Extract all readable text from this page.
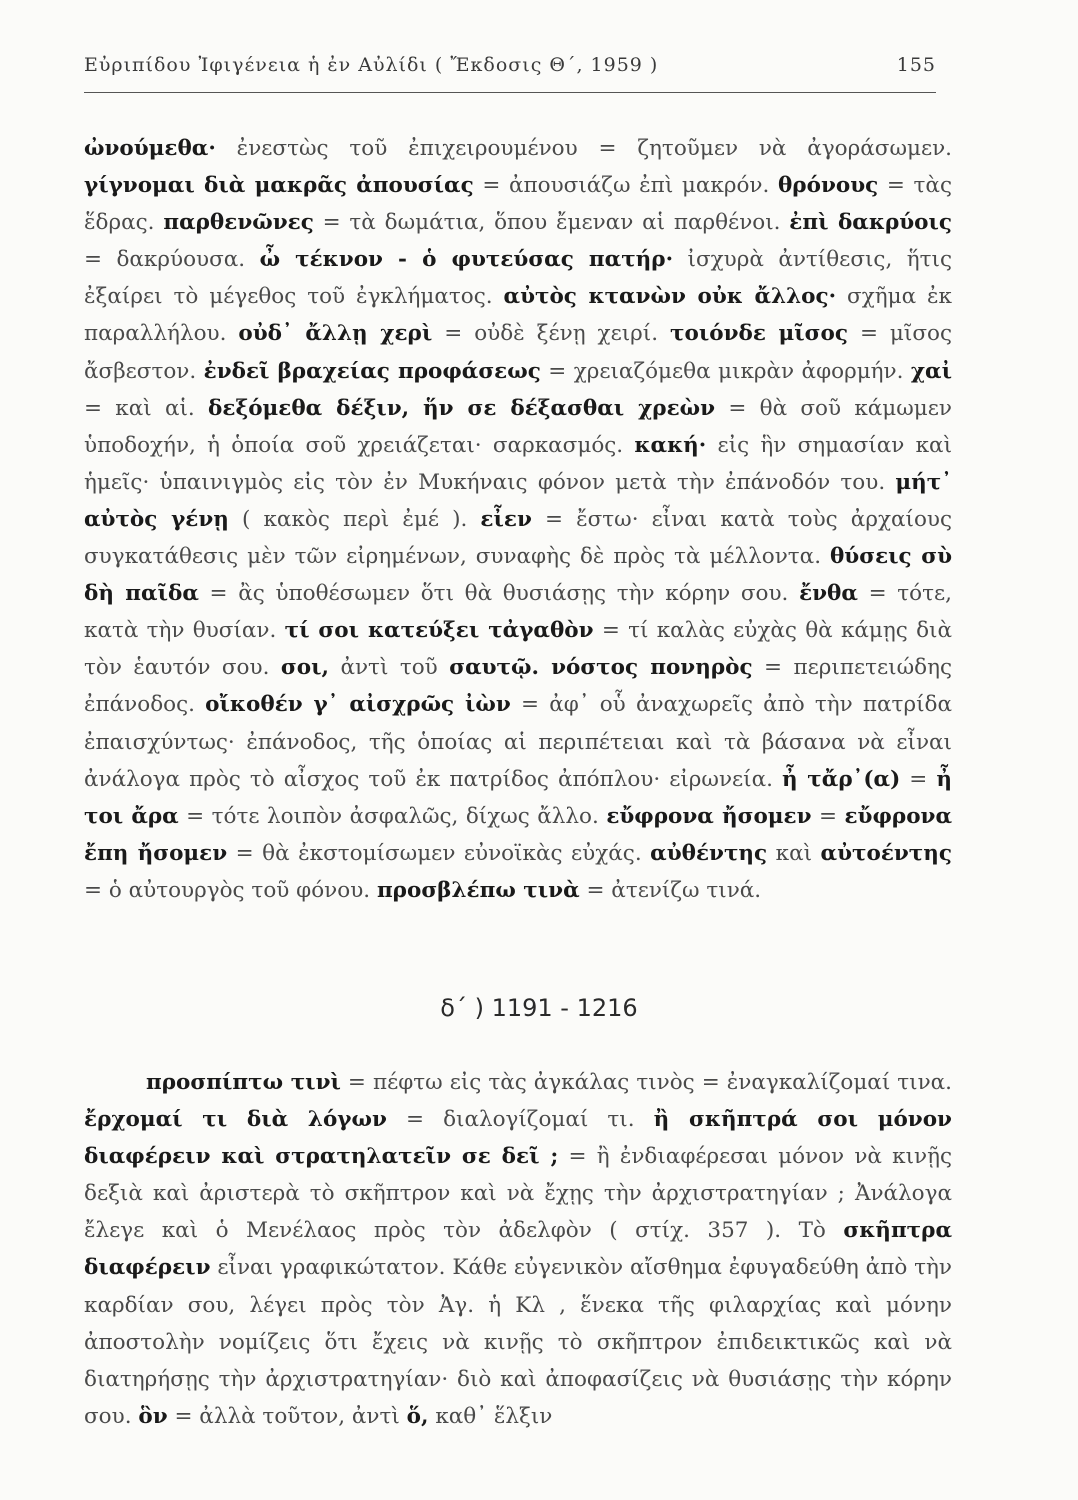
Εὐριπίδου Ἰφιγένεια ἡ ἐν Αὐλίδι ( Ἔκδοσις Θ΄, 1959 )	155

ὠνούμεθα· ἐνεστὼς τοῦ ἐπιχειρουμένου = ζητοῦμεν νὰ ἀγοράσωμεν. γίγνομαι διὰ μακρᾶς ἀπουσίας = ἀπουσιάζω ἐπὶ μακρόν. θρόνους = τὰς ἕδρας. παρθενῶνες = τὰ δωμάτια, ὅπου ἔμεναν αἱ παρθένοι. ἐπὶ δακρύοις = δακρύουσα. ὦ τέκνον - ὁ φυτεύσας πατήρ· ἰσχυρὰ ἀντίθεσις, ἥτις ἐξαίρει τὸ μέγεθος τοῦ ἐγκλήματος. αὐτὸς κτανὼν οὐκ ἄλλος· σχῆμα ἐκ παραλλήλου. οὐδ᾽ ἄλλῃ χερὶ = οὐδὲ ξένῃ χειρί. τοιόνδε μῖσος = μῖσος ἄσβεστον. ἐνδεῖ βραχείας προφάσεως = χρειαζόμεθα μικρὰν ἀφορμήν. χαἰ = καὶ αἱ. δεξόμεθα δέξιν, ἥν σε δέξασθαι χρεὼν = θὰ σοῦ κάμωμεν ὑποδοχήν, ἡ ὁποία σοῦ χρειάζεται· σαρκασμός. κακή· εἰς ἣν σημασίαν καὶ ἡμεῖς· ὑπαινιγμὸς εἰς τὸν ἐν Μυκήναις φόνον μετὰ τὴν ἐπάνοδόν του. μήτ᾽ αὐτὸς γένῃ ( κακὸς περὶ ἐμέ ). εἶεν = ἔστω· εἶναι κατὰ τοὺς ἀρχαίους συγκατάθεσις μὲν τῶν εἰρημένων, συναφὴς δὲ πρὸς τὰ μέλλοντα. θύσεις σὺ δὴ παῖδα = ἂς ὑποθέσωμεν ὅτι θὰ θυσιάσῃς τὴν κόρην σου. ἔνθα = τότε, κατὰ τὴν θυσίαν. τί σοι κατεύξει τἀγαθὸν = τί καλὰς εὐχὰς θὰ κάμῃς διὰ τὸν ἑαυτόν σου. σοι, ἀντὶ τοῦ σαυτῷ. νόστος πονηρὸς = περιπετειώδης ἐπάνοδος. οἴκοθέν γ᾽ αἰσχρῶς ἰὼν = ἀφ᾽ οὗ ἀναχωρεῖς ἀπὸ τὴν πατρίδα ἐπαισχύντως· ἐπάνοδος, τῆς ὁποίας αἱ περιπέτειαι καὶ τὰ βάσανα νὰ εἶναι ἀνάλογα πρὸς τὸ αἶσχος τοῦ ἐκ πατρίδος ἀπόπλου· εἰρωνεία. ἦ τἄρ᾽(α) = ἦ τοι ἄρα = τότε λοιπὸν ἀσφαλῶς, δίχως ἄλλο. εὔφρονα ἤσομεν = εὔφρονα ἔπη ἤσομεν = θὰ ἐκστομίσωμεν εὐνοϊκὰς εὐχάς. αὐθέντης καὶ αὐτοέντης = ὁ αὐτουργὸς τοῦ φόνου. προσβλέπω τινὰ = ἀτενίζω τινά.

δ΄ ) 1191 - 1216

προσπίπτω τινὶ = πέφτω εἰς τὰς ἀγκάλας τινὸς = ἐναγκαλίζομαί τινα. ἔρχομαί τι διὰ λόγων = διαλογίζομαί τι. ἢ σκῆπτρά σοι μόνον διαφέρειν καὶ στρατηλατεῖν σε δεῖ ; = ἢ ἐνδιαφέρεσαι μόνον νὰ κινῇς δεξιὰ καὶ ἀριστερὰ τὸ σκῆπτρον καὶ νὰ ἔχῃς τὴν ἀρχιστρατηγίαν ; Ἀνάλογα ἔλεγε καὶ ὁ Μενέλαος πρὸς τὸν ἀδελφὸν ( στίχ. 357 ). Τὸ σκῆπτρα διαφέρειν εἶναι γραφικώτατον. Κάθε εὐγενικὸν αἴσθημα ἐφυγαδεύθη ἀπὸ τὴν καρδίαν σου, λέγει πρὸς τὸν Ἀγ. ἡ Κλ , ἕνεκα τῆς φιλαρχίας καὶ μόνην ἀποστολὴν νομίζεις ὅτι ἔχεις νὰ κινῇς τὸ σκῆπτρον ἐπιδεικτικῶς καὶ νὰ διατηρήσῃς τὴν ἀρχιστρατηγίαν· διὸ καὶ ἀποφασίζεις νὰ θυσιάσῃς τὴν κόρην σου. ὃν = ἀλλὰ τοῦτον, ἀντὶ ὅ, καθ᾽ ἕλξιν
